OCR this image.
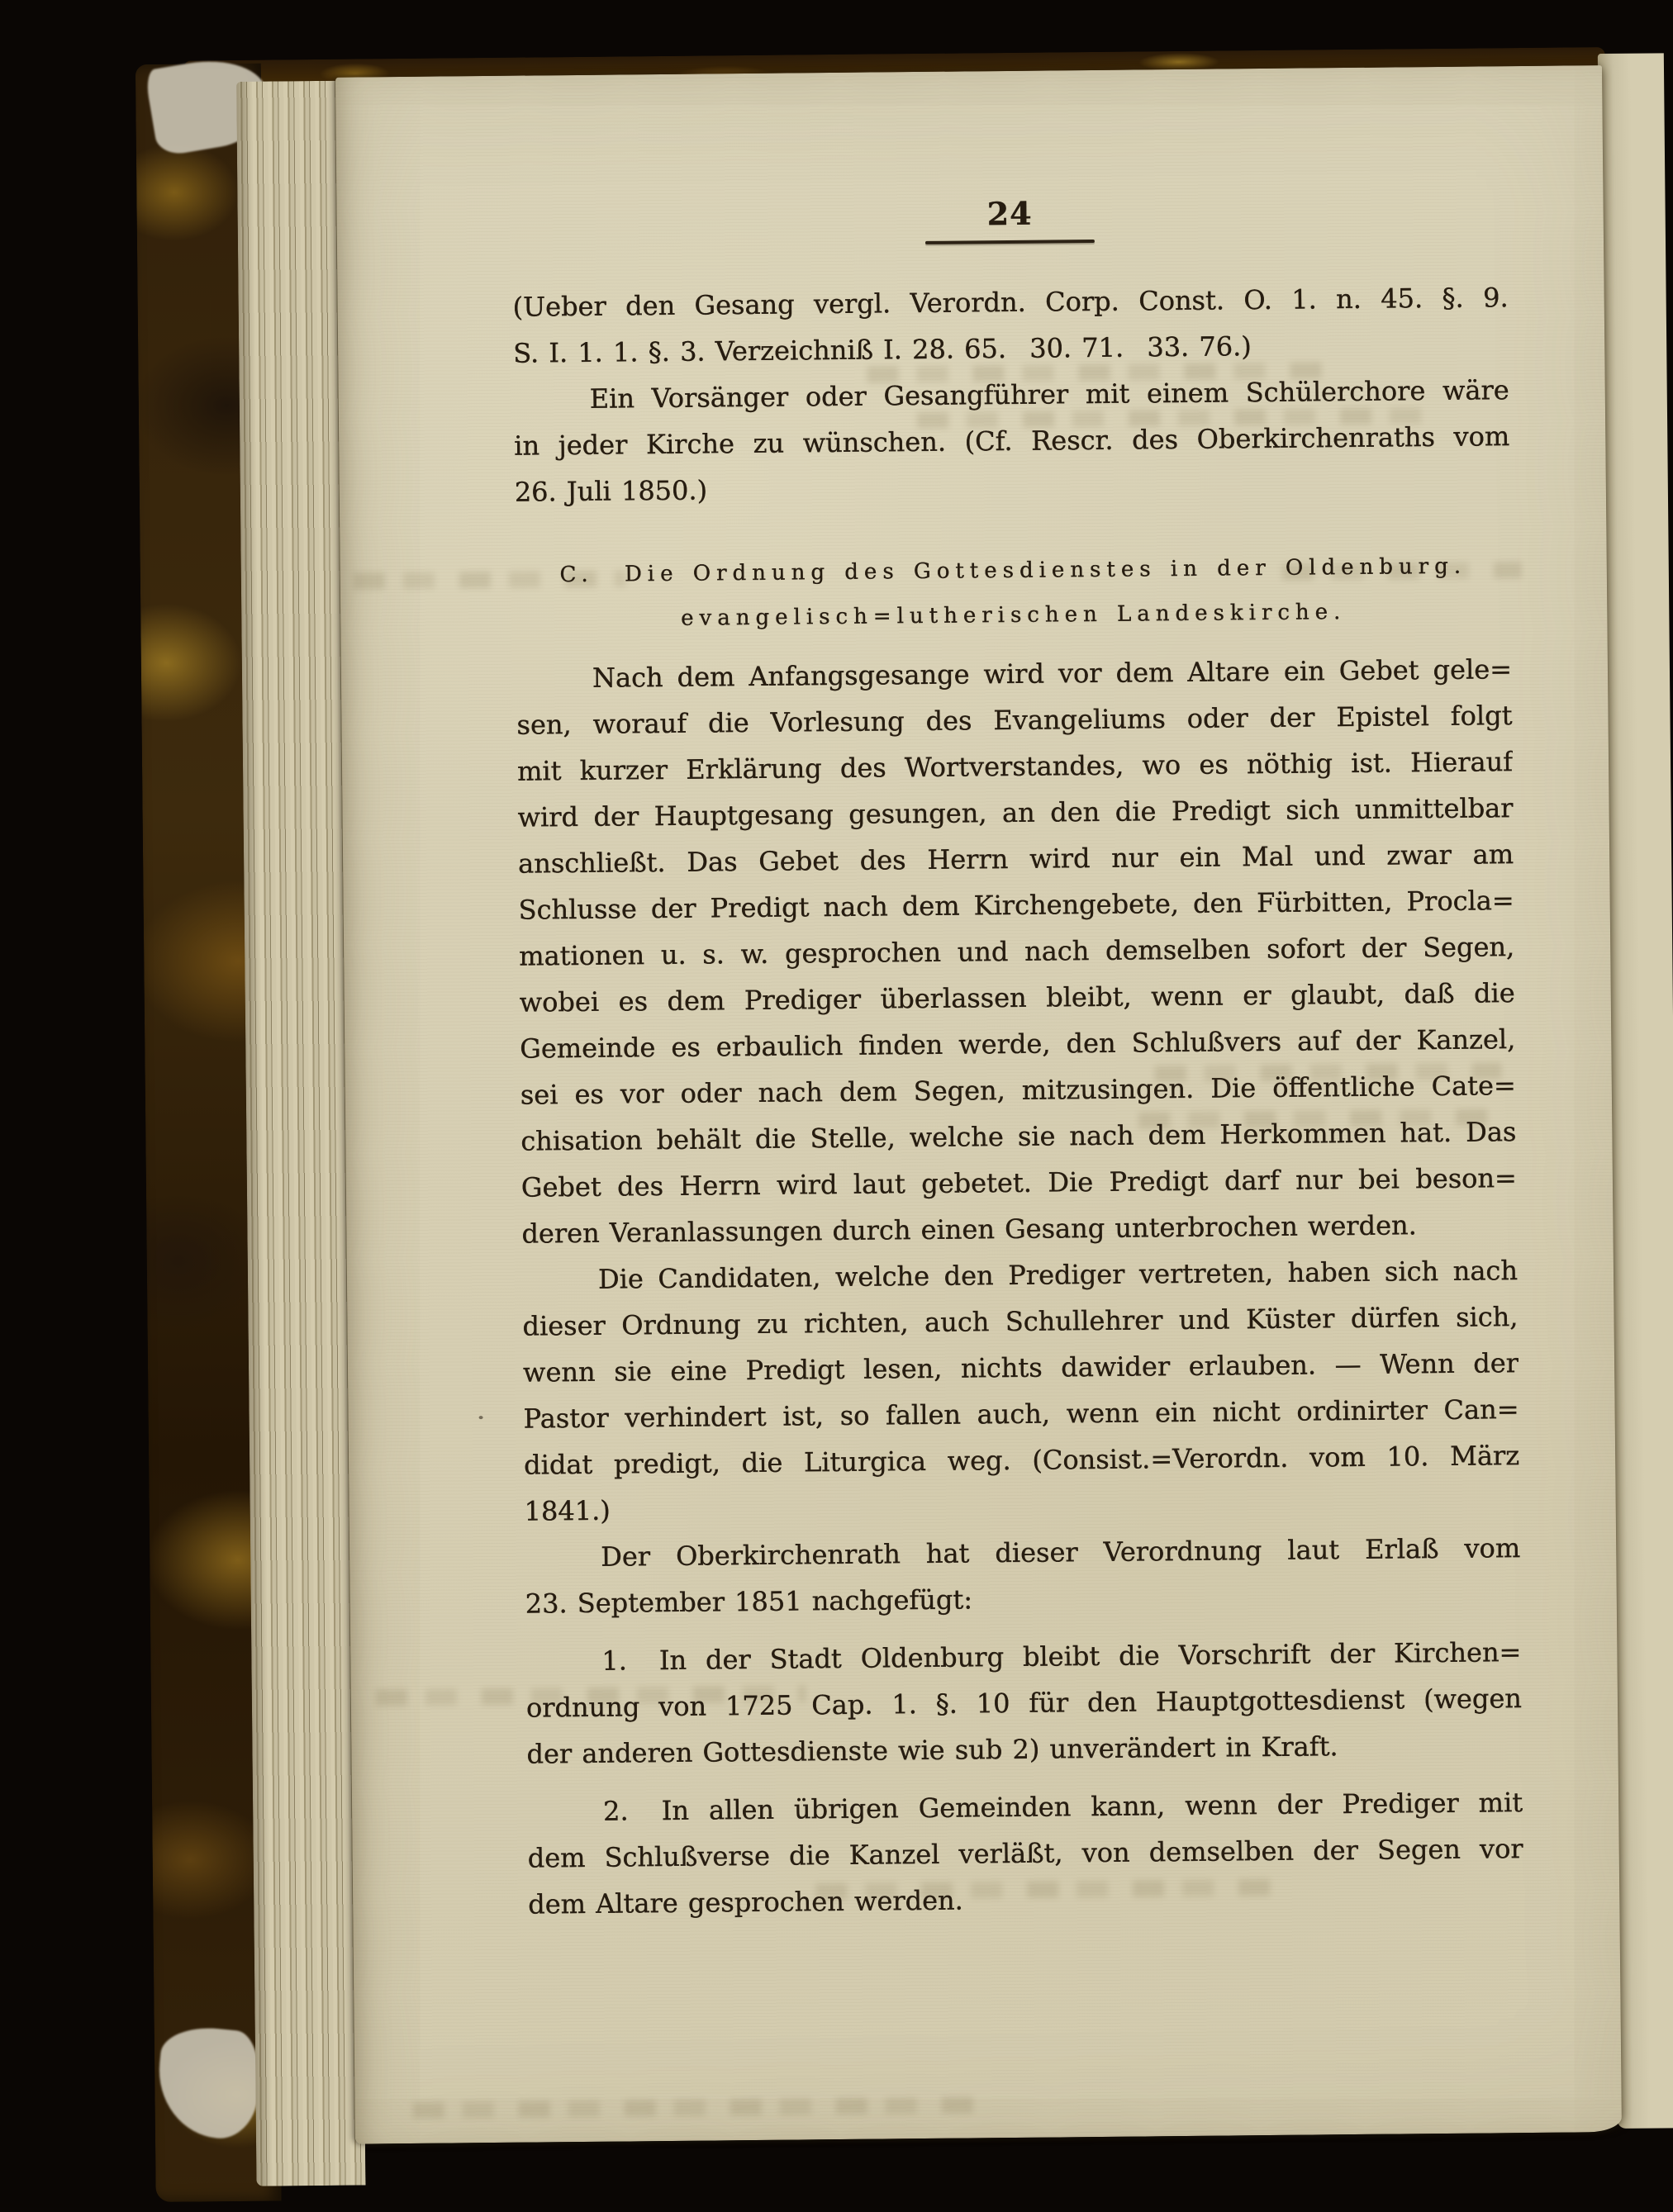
24
(Ueber den Gesang vergl. Verordn. Corp. Const. O. 1. n. 45. §. 9.
S. I. 1. 1. §. 3. Verzeichniß I. 28. 65.  30. 71.  33. 76.)
Ein Vorsänger oder Gesangführer mit einem Schülerchore wäre
in jeder Kirche zu wünschen. (Cf. Rescr. des Oberkirchenraths vom
26. Juli 1850.)
C.  Die Ordnung des Gottesdienstes in der Oldenburg.
evangelisch=lutherischen Landeskirche.
Nach dem Anfangsgesange wird vor dem Altare ein Gebet gele=
sen, worauf die Vorlesung des Evangeliums oder der Epistel folgt
mit kurzer Erklärung des Wortverstandes, wo es nöthig ist. Hierauf
wird der Hauptgesang gesungen, an den die Predigt sich unmittelbar
anschließt. Das Gebet des Herrn wird nur ein Mal und zwar am
Schlusse der Predigt nach dem Kirchengebete, den Fürbitten, Procla=
mationen u. s. w. gesprochen und nach demselben sofort der Segen,
wobei es dem Prediger überlassen bleibt, wenn er glaubt, daß die
Gemeinde es erbaulich finden werde, den Schlußvers auf der Kanzel,
sei es vor oder nach dem Segen, mitzusingen. Die öffentliche Cate=
chisation behält die Stelle, welche sie nach dem Herkommen hat. Das
Gebet des Herrn wird laut gebetet. Die Predigt darf nur bei beson=
deren Veranlassungen durch einen Gesang unterbrochen werden.
Die Candidaten, welche den Prediger vertreten, haben sich nach
dieser Ordnung zu richten, auch Schullehrer und Küster dürfen sich,
wenn sie eine Predigt lesen, nichts dawider erlauben. — Wenn der
Pastor verhindert ist, so fallen auch, wenn ein nicht ordinirter Can=
didat predigt, die Liturgica weg. (Consist.=Verordn. vom 10. März
1841.)
Der Oberkirchenrath hat dieser Verordnung laut Erlaß vom
23. September 1851 nachgefügt:
1.  In der Stadt Oldenburg bleibt die Vorschrift der Kirchen=
ordnung von 1725 Cap. 1. §. 10 für den Hauptgottesdienst (wegen
der anderen Gottesdienste wie sub 2) unverändert in Kraft.
2.  In allen übrigen Gemeinden kann, wenn der Prediger mit
dem Schlußverse die Kanzel verläßt, von demselben der Segen vor
dem Altare gesprochen werden.
